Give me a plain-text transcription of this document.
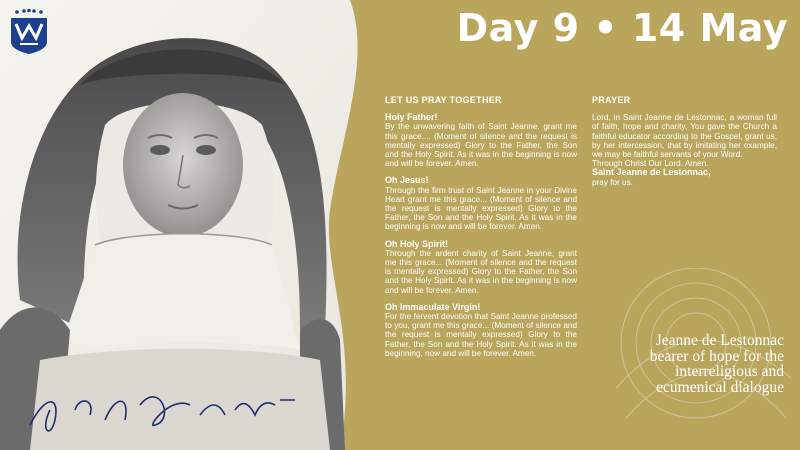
Day 9 • 14 May

LET US PRAY TOGETHER

Holy Father!

By the unwavering faith of Saint Jeanne, grant me this grace.... (Moment of silence and the request is mentally expressed) Glory to the Father, the Son and the Holy Spirit. As it was in the beginning is now and will be forever. Amen.

Oh Jesus!

Through the firm trust of Saint Jeanne in your Divine Heart grant me this grace... (Moment of silence and the request is mentally expressed) Glory to the Father, the Son and the Holy Spirit. As it was in the beginning is now and will be forever. Amen.

Oh Holy Spirit!

Through the ardent charity of Saint Jeanne, grant me this grace... (Moment of silence and the request is mentally expressed) Glory to the Father, the Son and the Holy Spirit. As it was in the beginning is now and will be forever. Amen.

Oh Immaculate Virgin!

For the fervent devotion that Saint Jeanne professed to you, grant me this grace... (Moment of silence and the request is mentally expressed) Glory to the Father, the Son and the Holy Spirit. As it was in the beginning, now and will be forever. Amen.

PRAYER

Lord, in Saint Jeanne de Lestonnac, a woman full of faith, hope and charity, You gave the Church a faithful educator according to the Gospel, grant us, by her intercession, that by imitating her example, we may be faithful servants of your Word.

Through Christ Our Lord. Amen.

Saint Jeanne de Lestonnac,

pray for us.

Jeanne de Lestonnac bearer of hope for the interreligious and ecumenical dialogue
